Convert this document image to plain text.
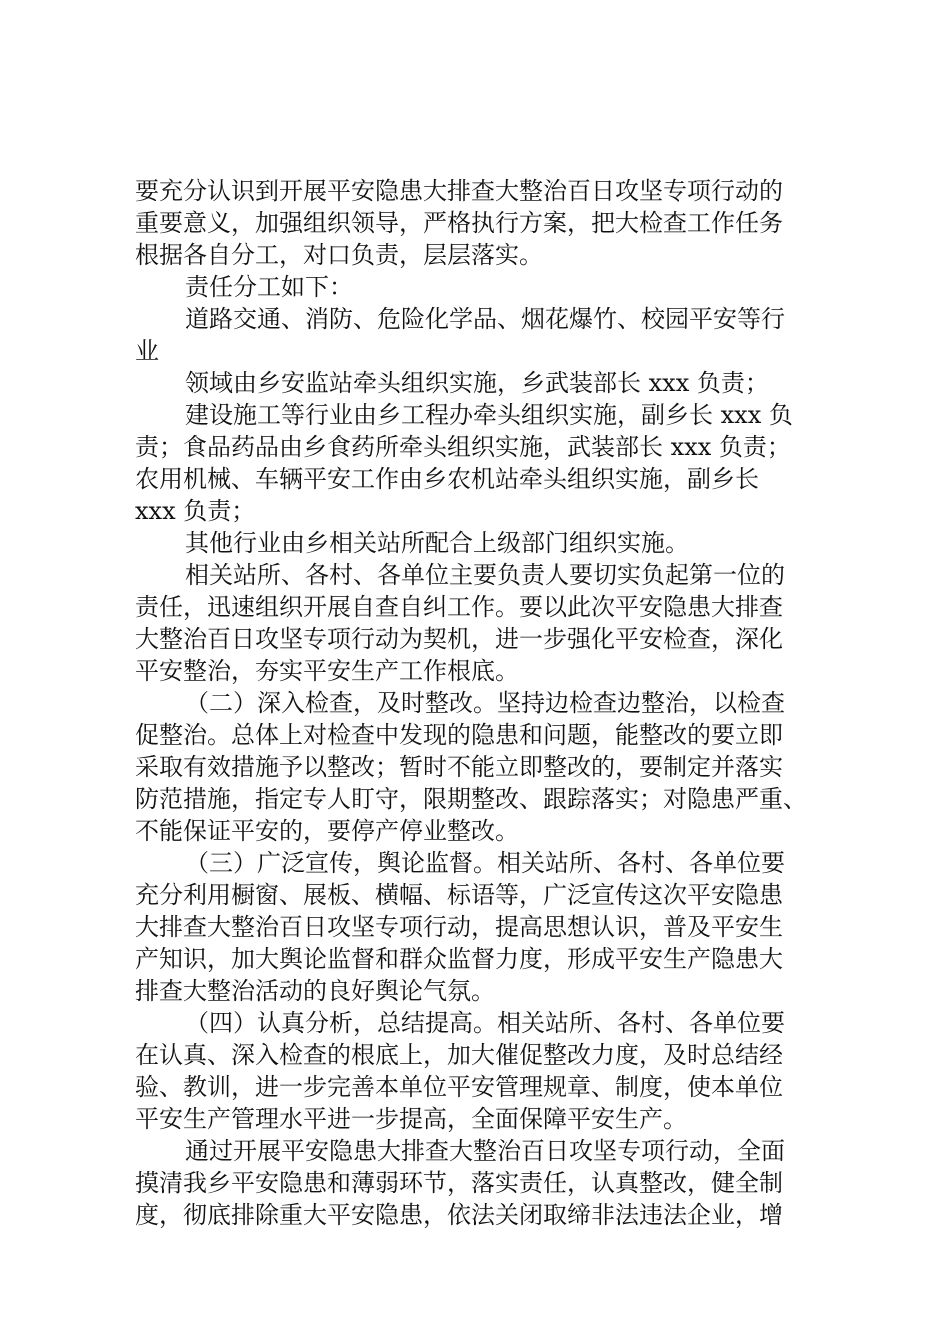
要充分认识到开展平安隐患大排查大整治百日攻坚专项行动的
重要意义，加强组织领导，严格执行方案，把大检查工作任务
根据各自分工，对口负责，层层落实。
责任分工如下：
道路交通、消防、危险化学品、烟花爆竹、校园平安等行
业
领域由乡安监站牵头组织实施，乡武装部长 xxx 负责；
建设施工等行业由乡工程办牵头组织实施，副乡长 xxx 负
责；食品药品由乡食药所牵头组织实施，武装部长 xxx 负责；
农用机械、车辆平安工作由乡农机站牵头组织实施，副乡长
xxx 负责；
其他行业由乡相关站所配合上级部门组织实施。
相关站所、各村、各单位主要负责人要切实负起第一位的
责任，迅速组织开展自查自纠工作。要以此次平安隐患大排查
大整治百日攻坚专项行动为契机，进一步强化平安检查，深化
平安整治，夯实平安生产工作根底。
（二）深入检查，及时整改。坚持边检查边整治，以检查
促整治。总体上对检查中发现的隐患和问题，能整改的要立即
采取有效措施予以整改；暂时不能立即整改的，要制定并落实
防范措施，指定专人盯守，限期整改、跟踪落实；对隐患严重、
不能保证平安的，要停产停业整改。
（三）广泛宣传，舆论监督。相关站所、各村、各单位要
充分利用橱窗、展板、横幅、标语等，广泛宣传这次平安隐患
大排查大整治百日攻坚专项行动，提高思想认识，普及平安生
产知识，加大舆论监督和群众监督力度，形成平安生产隐患大
排查大整治活动的良好舆论气氛。
（四）认真分析，总结提高。相关站所、各村、各单位要
在认真、深入检查的根底上，加大催促整改力度，及时总结经
验、教训，进一步完善本单位平安管理规章、制度，使本单位
平安生产管理水平进一步提高，全面保障平安生产。
通过开展平安隐患大排查大整治百日攻坚专项行动，全面
摸清我乡平安隐患和薄弱环节，落实责任，认真整改，健全制
度，彻底排除重大平安隐患，依法关闭取缔非法违法企业，增
